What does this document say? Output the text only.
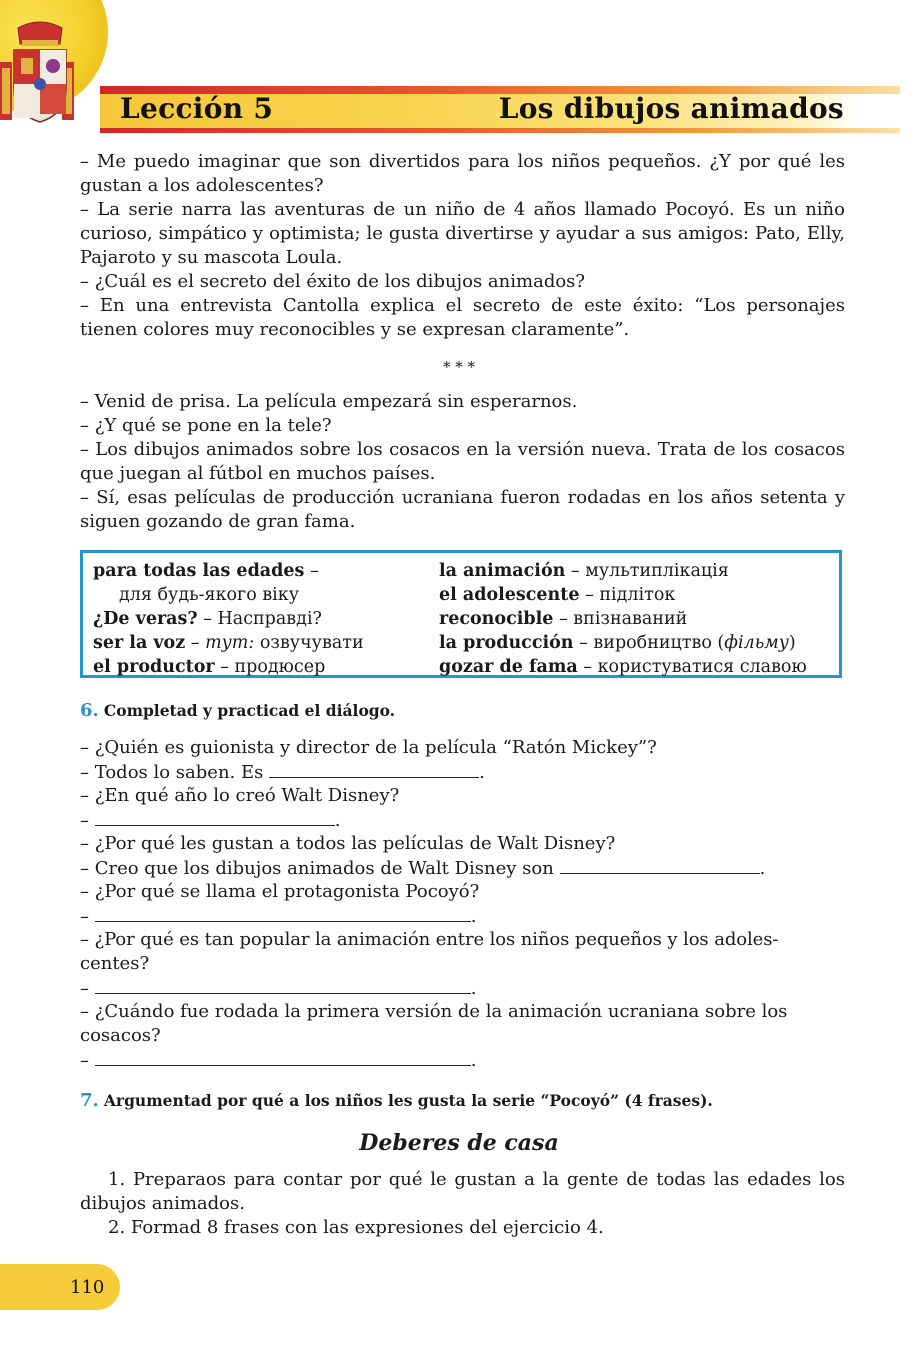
Lección 5	Los dibujos animados
– Me puedo imaginar que son divertidos para los niños pequeños. ¿Y por qué les gustan a los adolescentes?
– La serie narra las aventuras de un niño de 4 años llamado Pocoyó. Es un niño curioso, simpático y optimista; le gusta divertirse y ayudar a sus amigos: Pato, Elly, Pajaroto y su mascota Loula.
– ¿Cuál es el secreto del éxito de los dibujos animados?
– En una entrevista Cantolla explica el secreto de este éxito: “Los personajes tienen colores muy reconocibles y se expresan claramente”.
* * *
– Venid de prisa. La película empezará sin esperarnos.
– ¿Y qué se pone en la tele?
– Los dibujos animados sobre los cosacos en la versión nueva. Trata de los cosacos que juegan al fútbol en muchos países.
– Sí, esas películas de producción ucraniana fueron rodadas en los años setenta y siguen gozando de gran fama.
para todas las edades –
для будь-якого віку
¿De veras? – Насправді?
ser la voz – тут: озвучувати
el productor – продюсер
la animación – мультиплікація
el adolescente – підліток
reconocible – впізнаваний
la producción – виробництво (фільму)
gozar de fama – користуватися славою
6. Completad y practicad el diálogo.
– ¿Quién es guionista y director de la película “Ratón Mickey”?
– Todos lo saben. Es	.
– ¿En qué año lo creó Walt Disney?
–	.
– ¿Por qué les gustan a todos las películas de Walt Disney?
– Creo que los dibujos animados de Walt Disney son	.
– ¿Por qué se llama el protagonista Pocoyó?
–	.
– ¿Por qué es tan popular la animación entre los niños pequeños y los adoles-
centes?
–	.
– ¿Cuándo fue rodada la primera versión de la animación ucraniana sobre los
cosacos?
–	.
7. Argumentad por qué a los niños les gusta la serie “Pocoyó” (4 frases).
Deberes de casa
1. Preparaos para contar por qué le gustan a la gente de todas las edades los dibujos animados.
2. Formad 8 frases con las expresiones del ejercicio 4.
110
